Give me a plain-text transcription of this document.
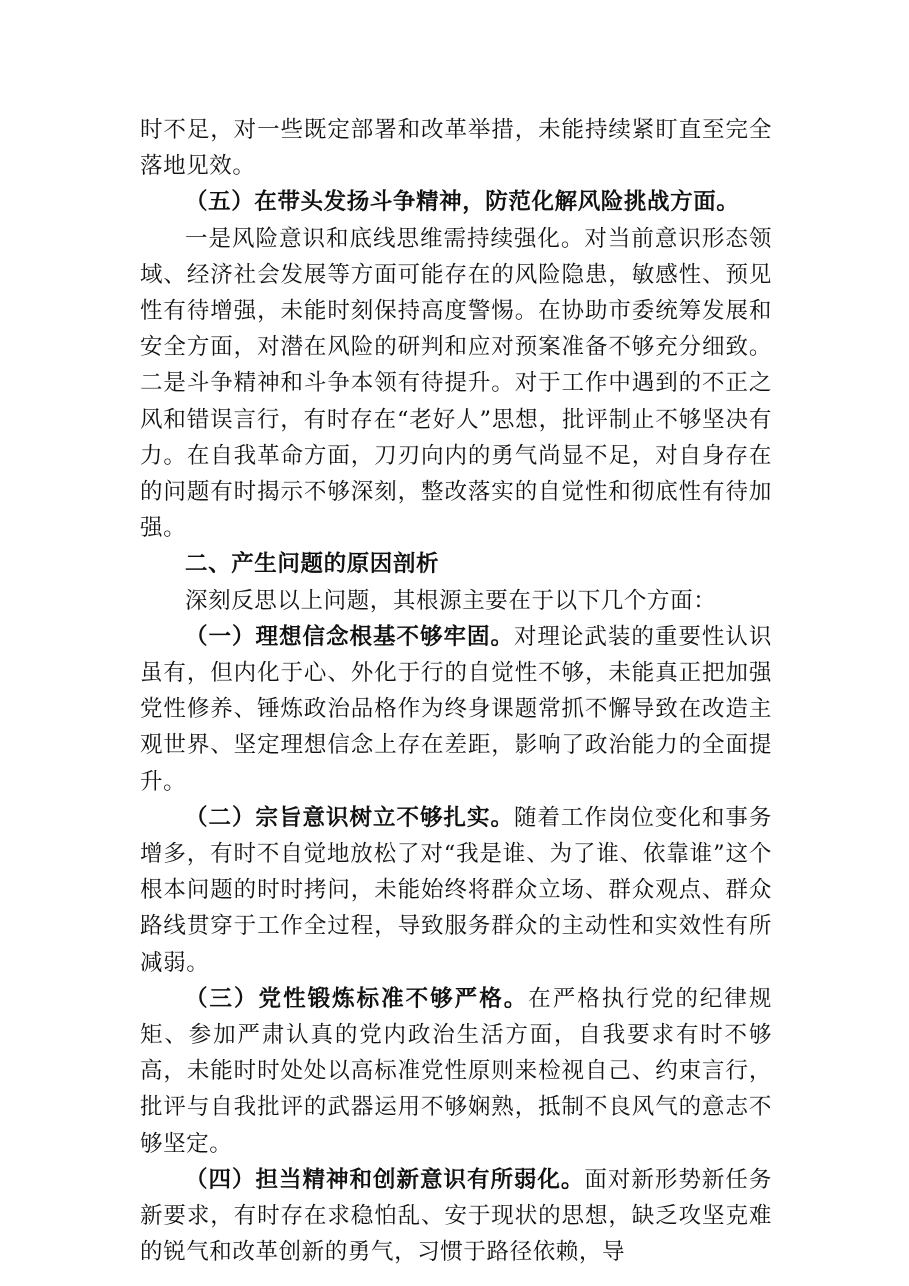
时不足，对一些既定部署和改革举措，未能持续紧盯直至完全落地见效。

（五）在带头发扬斗争精神，防范化解风险挑战方面。

一是风险意识和底线思维需持续强化。对当前意识形态领域、经济社会发展等方面可能存在的风险隐患，敏感性、预见性有待增强，未能时刻保持高度警惕。在协助市委统筹发展和安全方面，对潜在风险的研判和应对预案准备不够充分细致。二是斗争精神和斗争本领有待提升。对于工作中遇到的不正之风和错误言行，有时存在“老好人”思想，批评制止不够坚决有力。在自我革命方面，刀刃向内的勇气尚显不足，对自身存在的问题有时揭示不够深刻，整改落实的自觉性和彻底性有待加强。

二、产生问题的原因剖析

深刻反思以上问题，其根源主要在于以下几个方面：

（一）理想信念根基不够牢固。对理论武装的重要性认识虽有，但内化于心、外化于行的自觉性不够，未能真正把加强党性修养、锤炼政治品格作为终身课题常抓不懈导致在改造主观世界、坚定理想信念上存在差距，影响了政治能力的全面提升。

（二）宗旨意识树立不够扎实。随着工作岗位变化和事务增多，有时不自觉地放松了对“我是谁、为了谁、依靠谁”这个根本问题的时时拷问，未能始终将群众立场、群众观点、群众路线贯穿于工作全过程，导致服务群众的主动性和实效性有所减弱。

（三）党性锻炼标准不够严格。在严格执行党的纪律规矩、参加严肃认真的党内政治生活方面，自我要求有时不够高，未能时时处处以高标准党性原则来检视自己、约束言行，批评与自我批评的武器运用不够娴熟，抵制不良风气的意志不够坚定。

（四）担当精神和创新意识有所弱化。面对新形势新任务新要求，有时存在求稳怕乱、安于现状的思想，缺乏攻坚克难的锐气和改革创新的勇气，习惯于路径依赖，导
